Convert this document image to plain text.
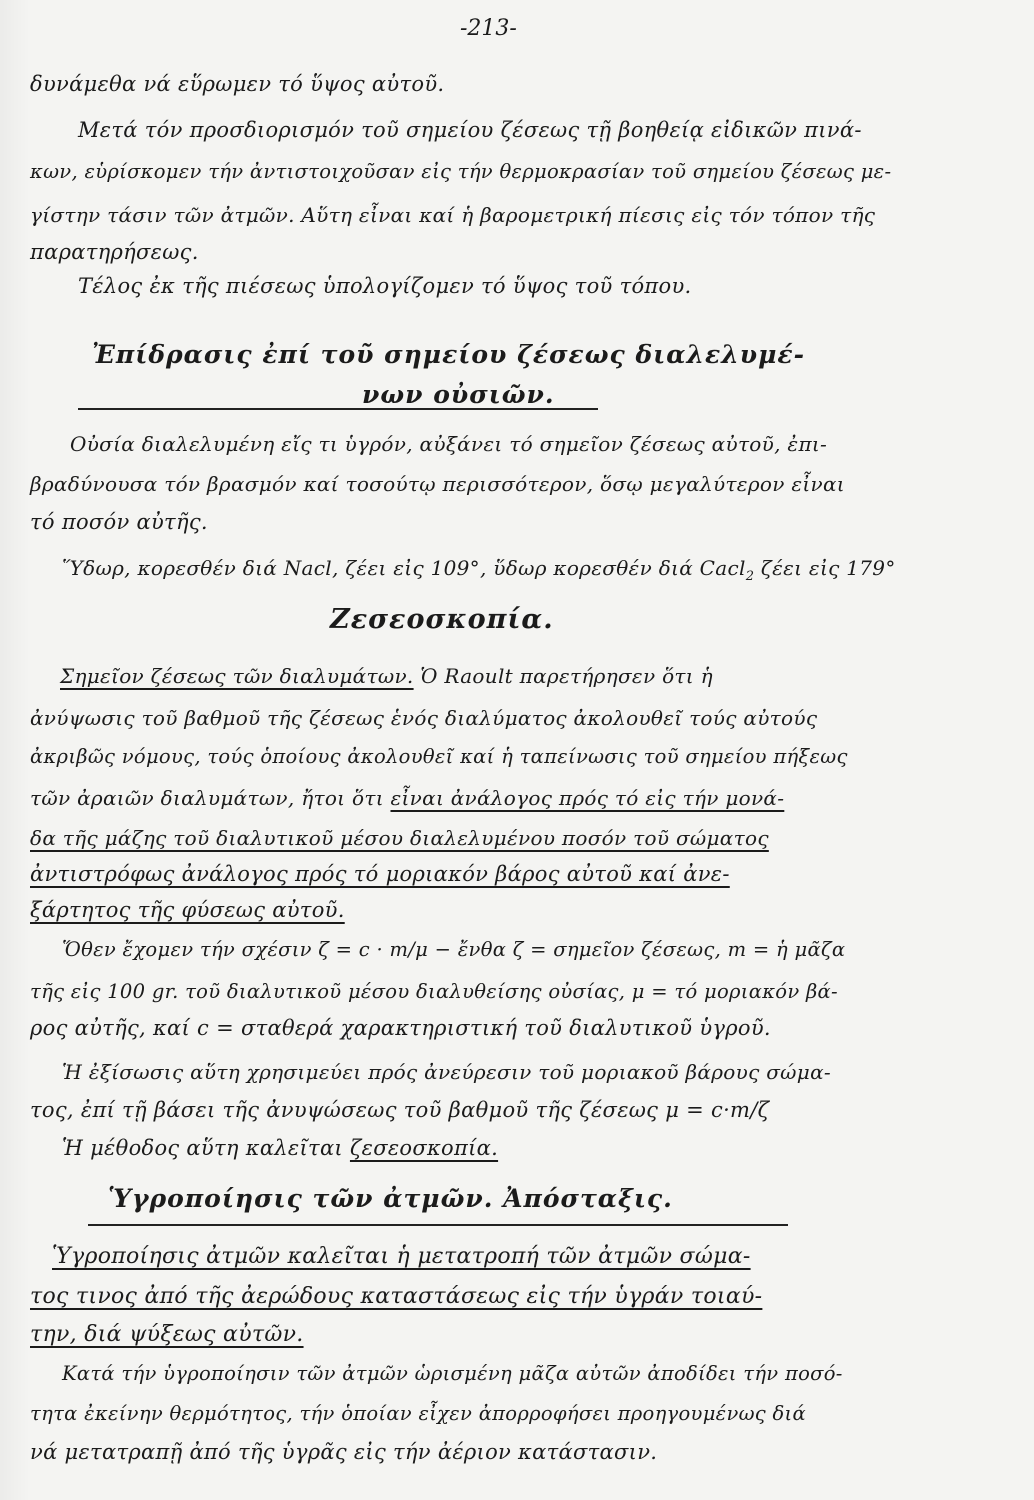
-213-
δυνάμεθα νά εὕρωμεν τό ὕψος αὐτοῦ.
Μετά τόν προσδιορισμόν τοῦ σημείου ζέσεως τῇ βοηθείᾳ εἰδικῶν πινά-
κων, εὑρίσκομεν τήν ἀντιστοιχοῦσαν εἰς τήν θερμοκρασίαν τοῦ σημείου ζέσεως με-
γίστην τάσιν τῶν ἀτμῶν. Αὕτη εἶναι καί ἡ βαρομετρική πίεσις εἰς τόν τόπον τῆς
παρατηρήσεως.
Τέλος ἐκ τῆς πιέσεως ὑπολογίζομεν τό ὕψος τοῦ τόπου.
Ἐπίδρασις ἐπί τοῦ σημείου ζέσεως διαλελυμέ-
νων οὐσιῶν.
Οὐσία διαλελυμένη εἴς τι ὑγρόν, αὐξάνει τό σημεῖον ζέσεως αὐτοῦ, ἐπι-
βραδύνουσα τόν βρασμόν καί τοσούτῳ περισσότερον, ὅσῳ μεγαλύτερον εἶναι
τό ποσόν αὐτῆς.
Ὕδωρ, κορεσθέν διά Nacl, ζέει εἰς 109°, ὕδωρ κορεσθέν διά Cacl$_2$ ζέει εἰς 179°
Ζεσεοσκοπία.
Σημεῖον ζέσεως τῶν διαλυμάτων. Ὁ Raoult παρετήρησεν ὅτι ἡ
ἀνύψωσις τοῦ βαθμοῦ τῆς ζέσεως ἑνός διαλύματος ἀκολουθεῖ τούς αὐτούς
ἀκριβῶς νόμους, τούς ὁποίους ἀκολουθεῖ καί ἡ ταπείνωσις τοῦ σημείου πήξεως
τῶν ἀραιῶν διαλυμάτων, ἤτοι ὅτι εἶναι ἀνάλογος πρός τό εἰς τήν μονά-
δα τῆς μάζης τοῦ διαλυτικοῦ μέσου διαλελυμένου ποσόν τοῦ σώματος
ἀντιστρόφως ἀνάλογος πρός τό μοριακόν βάρος αὐτοῦ καί ἀνε-
ξάρτητος τῆς φύσεως αὐτοῦ.
Ὅθεν ἔχομεν τήν σχέσιν ζ = c · m/μ − ἔνθα ζ = σημεῖον ζέσεως, m = ἡ μᾶζα
τῆς εἰς 100 gr. τοῦ διαλυτικοῦ μέσου διαλυθείσης οὐσίας, μ = τό μοριακόν βά-
ρος αὐτῆς, καί c = σταθερά χαρακτηριστική τοῦ διαλυτικοῦ ὑγροῦ.
Ἡ ἐξίσωσις αὕτη χρησιμεύει πρός ἀνεύρεσιν τοῦ μοριακοῦ βάρους σώμα-
τος, ἐπί τῇ βάσει τῆς ἀνυψώσεως τοῦ βαθμοῦ τῆς ζέσεως μ = c·m/ζ
Ἡ μέθοδος αὕτη καλεῖται ζεσεοσκοπία.
Ὑγροποίησις τῶν ἀτμῶν. Ἀπόσταξις.
Ὑγροποίησις ἀτμῶν καλεῖται ἡ μετατροπή τῶν ἀτμῶν σώμα-
τος τινος ἀπό τῆς ἀερώδους καταστάσεως εἰς τήν ὑγράν τοιαύ-
την, διά ψύξεως αὐτῶν.
Κατά τήν ὑγροποίησιν τῶν ἀτμῶν ὡρισμένη μᾶζα αὐτῶν ἀποδίδει τήν ποσό-
τητα ἐκείνην θερμότητος, τήν ὁποίαν εἶχεν ἀπορροφήσει προηγουμένως διά
νά μετατραπῇ ἀπό τῆς ὑγρᾶς εἰς τήν ἀέριον κατάστασιν.
